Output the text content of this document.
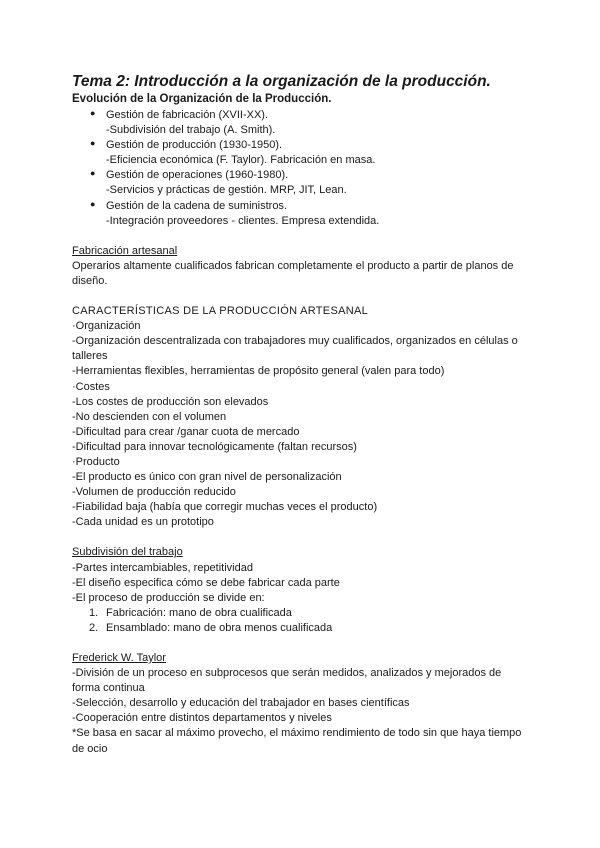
Tema 2: Introducción a la organización de la producción.
Evolución de la Organización de la Producción.
● Gestión de fabricación (XVII-XX).
-Subdivisión del trabajo (A. Smith).
● Gestión de producción (1930-1950).
-Eficiencia económica (F. Taylor). Fabricación en masa.
● Gestión de operaciones (1960-1980).
-Servicios y prácticas de gestión. MRP, JIT, Lean.
● Gestión de la cadena de suministros.
-Integración proveedores - clientes. Empresa extendida.
Fabricación artesanal
Operarios altamente cualificados fabrican completamente el producto a partir de planos de
diseño.
CARACTERÍSTICAS DE LA PRODUCCIÓN ARTESANAL
·Organización
-Organización descentralizada con trabajadores muy cualificados, organizados en células o
talleres
-Herramientas flexibles, herramientas de propósito general (valen para todo)
·Costes
-Los costes de producción son elevados
-No descienden con el volumen
-Dificultad para crear /ganar cuota de mercado
-Dificultad para innovar tecnológicamente (faltan recursos)
·Producto
-El producto es único con gran nivel de personalización
-Volumen de producción reducido
-Fiabilidad baja (había que corregir muchas veces el producto)
-Cada unidad es un prototipo
Subdivisión del trabajo
-Partes intercambiables, repetitividad
-El diseño especifica cómo se debe fabricar cada parte
-El proceso de producción se divide en:
1. Fabricación: mano de obra cualificada
2. Ensamblado: mano de obra menos cualificada
Frederick W. Taylor
-División de un proceso en subprocesos que serán medidos, analizados y mejorados de
forma continua
-Selección, desarrollo y educación del trabajador en bases científicas
-Cooperación entre distintos departamentos y niveles
*Se basa en sacar al máximo provecho, el máximo rendimiento de todo sin que haya tiempo
de ocio
